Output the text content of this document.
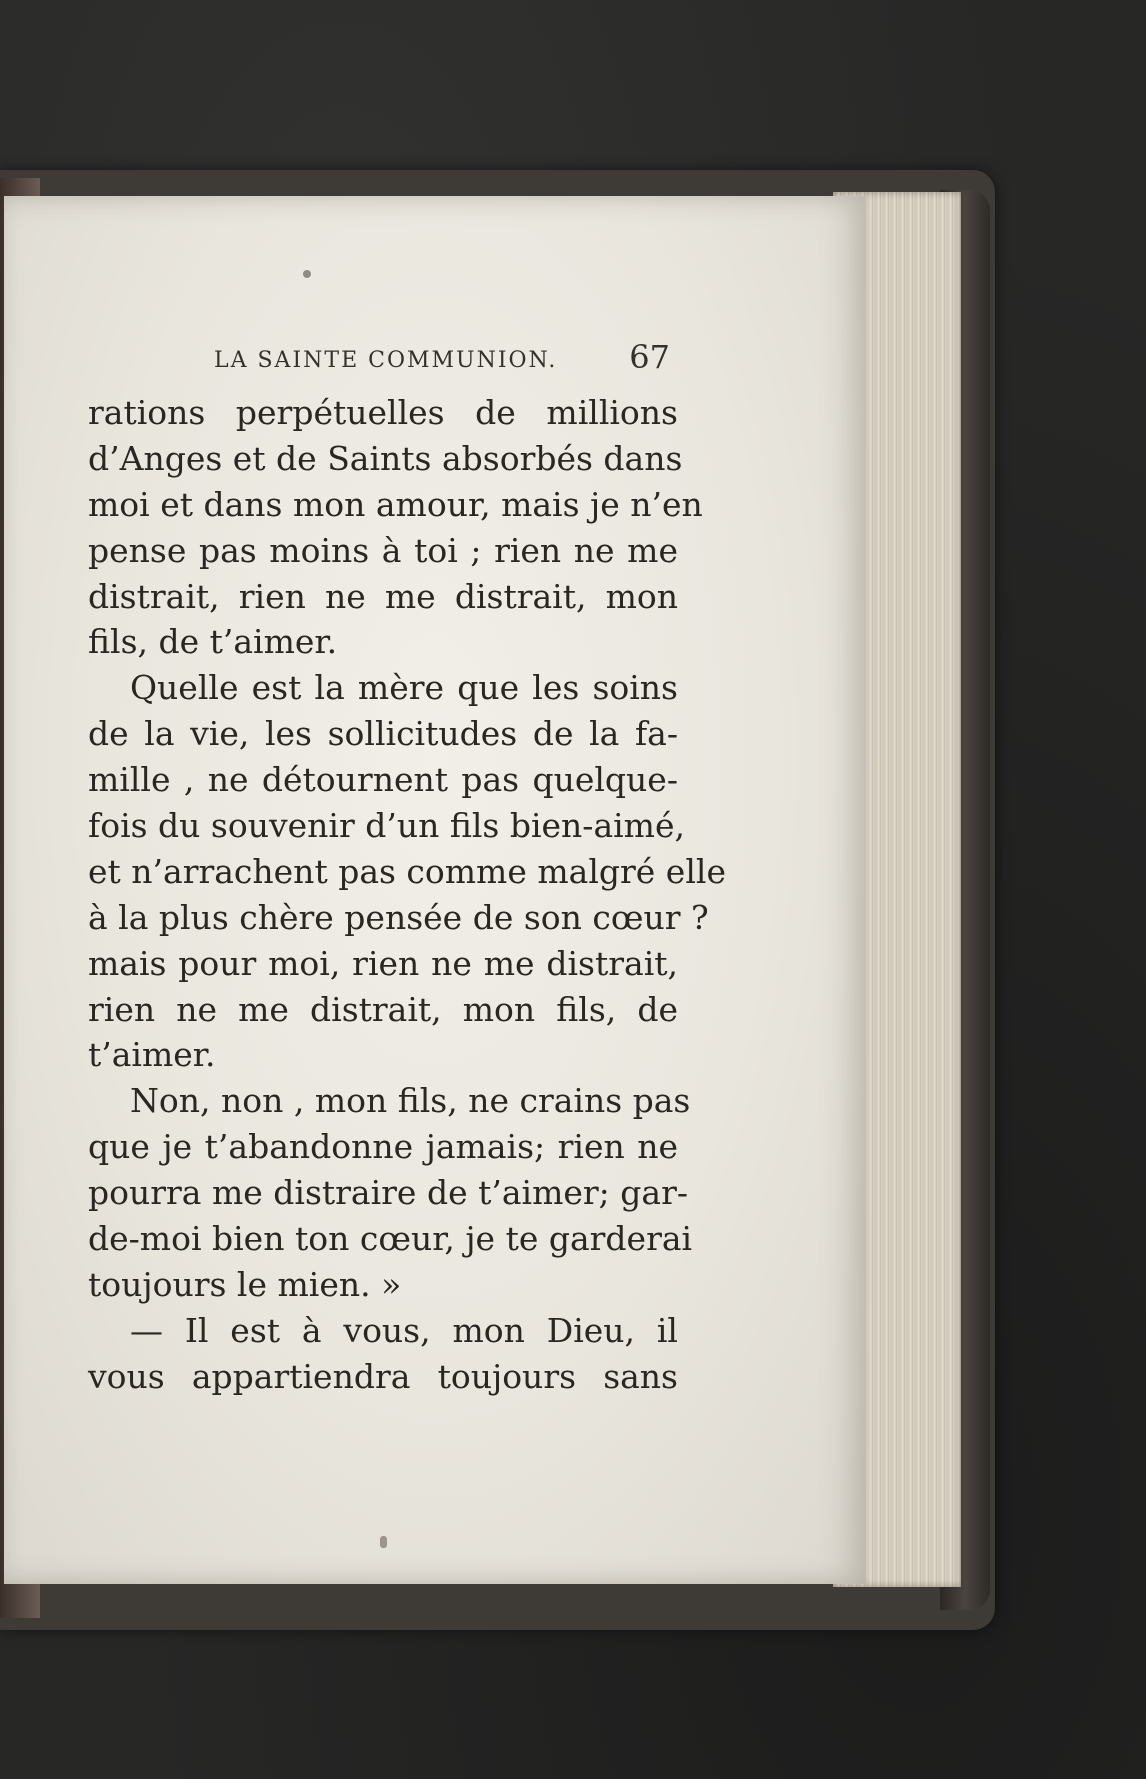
LA SAINTE COMMUNION. 67
rations perpétuelles de millions
d’Anges et de Saints absorbés dans
moi et dans mon amour, mais je n’en
pense pas moins à toi ; rien ne me
distrait, rien ne me distrait, mon
fils, de t’aimer.
Quelle est la mère que les soins
de la vie, les sollicitudes de la fa-
mille , ne détournent pas quelque-
fois du souvenir d’un fils bien-aimé,
et n’arrachent pas comme malgré elle
à la plus chère pensée de son cœur ?
mais pour moi, rien ne me distrait,
rien ne me distrait, mon fils, de
t’aimer.
Non, non , mon fils, ne crains pas
que je t’abandonne jamais; rien ne
pourra me distraire de t’aimer; gar-
de-moi bien ton cœur, je te garderai
toujours le mien. »
— Il est à vous, mon Dieu, il
vous appartiendra toujours sans
